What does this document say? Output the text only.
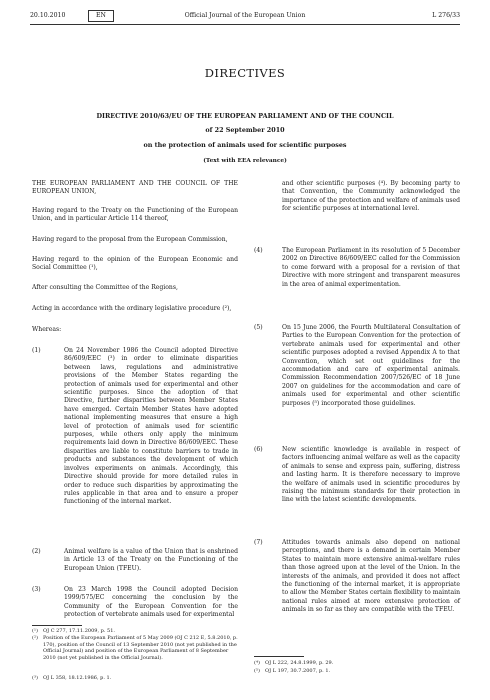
20.10.2010	EN	Official Journal of the European Union	L 276/33
DIRECTIVES
DIRECTIVE 2010/63/EU OF THE EUROPEAN PARLIAMENT AND OF THE COUNCIL
of 22 September 2010
on the protection of animals used for scientific purposes
(Text with EEA relevance)
THE EUROPEAN PARLIAMENT AND THE COUNCIL OF THE EUROPEAN UNION,
Having regard to the Treaty on the Functioning of the European Union, and in particular Article 114 thereof,
Having regard to the proposal from the European Commission,
Having regard to the opinion of the European Economic and Social Committee (¹),
After consulting the Committee of the Regions,
Acting in accordance with the ordinary legislative procedure (²),
Whereas:
(1)	On 24 November 1986 the Council adopted Directive 86/609/EEC (³) in order to eliminate disparities between laws, regulations and administrative provisions of the Member States regarding the protection of animals used for experimental and other scientific purposes. Since the adoption of that Directive, further disparities between Member States have emerged. Certain Member States have adopted national implementing measures that ensure a high level of protection of animals used for scientific purposes, while others only apply the minimum requirements laid down in Directive 86/609/EEC. These disparities are liable to constitute barriers to trade in products and substances the development of which involves experiments on animals. Accordingly, this Directive should provide for more detailed rules in order to reduce such disparities by approximating the rules applicable in that area and to ensure a proper functioning of the internal market.
(2)	Animal welfare is a value of the Union that is enshrined in Article 13 of the Treaty on the Functioning of the European Union (TFEU).
(3)	On 23 March 1998 the Council adopted Decision 1999/575/EC concerning the conclusion by the Community of the European Convention for the protection of vertebrate animals used for experimental
(¹) OJ C 277, 17.11.2009, p. 51.
(²) Position of the European Parliament of 5 May 2009 (OJ C 212 E, 5.8.2010, p. 170), position of the Council of 13 September 2010 (not yet published in the Official Journal) and position of the European Parliament of 8 September 2010 (not yet published in the Official Journal).
(³) OJ L 358, 18.12.1986, p. 1.
and other scientific purposes (⁴). By becoming party to that Convention, the Community acknowledged the importance of the protection and welfare of animals used for scientific purposes at international level.
(4)	The European Parliament in its resolution of 5 December 2002 on Directive 86/609/EEC called for the Commission to come forward with a proposal for a revision of that Directive with more stringent and transparent measures in the area of animal experimentation.
(5)	On 15 June 2006, the Fourth Multilateral Consultation of Parties to the European Convention for the protection of vertebrate animals used for experimental and other scientific purposes adopted a revised Appendix A to that Convention, which set out guidelines for the accommodation and care of experimental animals. Commission Recommendation 2007/526/EC of 18 June 2007 on guidelines for the accommodation and care of animals used for experimental and other scientific purposes (⁵) incorporated those guidelines.
(6)	New scientific knowledge is available in respect of factors influencing animal welfare as well as the capacity of animals to sense and express pain, suffering, distress and lasting harm. It is therefore necessary to improve the welfare of animals used in scientific procedures by raising the minimum standards for their protection in line with the latest scientific developments.
(7)	Attitudes towards animals also depend on national perceptions, and there is a demand in certain Member States to maintain more extensive animal-welfare rules than those agreed upon at the level of the Union. In the interests of the animals, and provided it does not affect the functioning of the internal market, it is appropriate to allow the Member States certain flexibility to maintain national rules aimed at more extensive protection of animals in so far as they are compatible with the TFEU.
(⁴) OJ L 222, 24.8.1999, p. 29.
(⁵) OJ L 197, 30.7.2007, p. 1.
